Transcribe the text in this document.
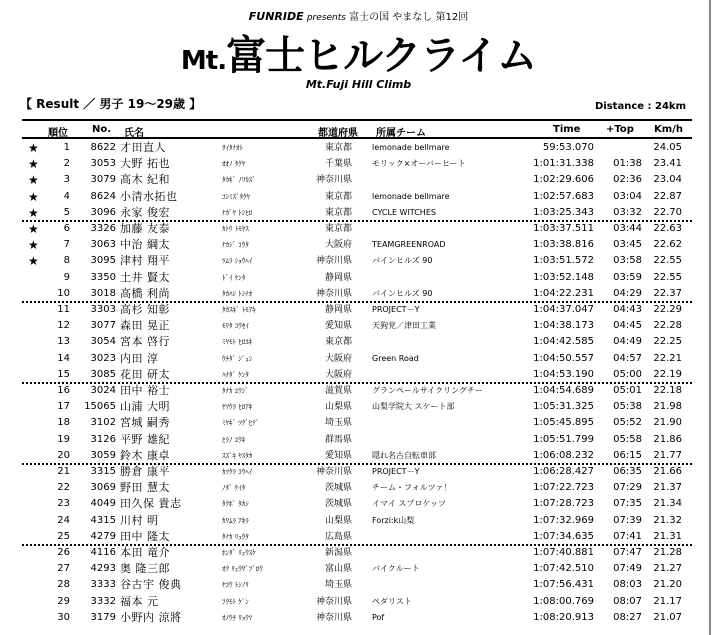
FUNRIDE presents 富士の国 やまなし 第12回
Mt.富士ヒルクライム
Mt.Fuji Hill Climb
【 Result ／ 男子 19～29歳 】	Distance : 24km
順位 No. 氏名	都道府県 所属チーム	Time	+Top Km/h
★	1	8622 才田直人	ｻｲﾀﾅｵﾄ	東京都	lemonade bellmare	59:53.070	24.05
★	2	3053 大野 拓也	ｵｵﾉ ﾀｸﾔ	千葉県	モリック×オーバーヒート	1:01:31.338	01:38	23.41
★	3	3079 高木 紀和	ﾀｶｷﾞ ﾉﾘｶｽﾞ	神奈川県	1:02:29.606	02:36	23.04
★	4	8624 小清水拓也	ｺｼﾐｽﾞﾀｸﾔ	東京都	lemonade bellmare	1:02:57.683	03:04	22.87
★	5	3096 永家 俊宏	ﾅｶﾞﾔ ﾄｼﾋﾛ	東京都	CYCLE WITCHES	1:03:25.343	03:32	22.70
★	6	3326 加藤 友泰	ｶﾄｳ ﾄﾓﾔｽ	東京都	1:03:37.511	03:44	22.63
★	7	3063 中治 綱太	ﾅｶｼﾞ ｺｳﾀ	大阪府	TEAMGREENROAD	1:03:38.816	03:45	22.62
★	8	3095 津村 翔平	ﾂﾑﾗ ｼｮｳﾍｲ	神奈川県	バインヒルズ 90	1:03:51.572	03:58	22.55
9	3350 土井 賢太	ﾄﾞｲ ｹﾝﾀ	静岡県	1:03:52.148	03:59	22.55
10	3018 高橋 利尚	ﾀｶﾊｼ ﾄｼﾅｵ	神奈川県	バインヒルズ 90	1:04:22.231	04:29	22.37
11	3303 高杉 知彰	ﾀｶｽｷﾞ ﾄﾓｱｷ	静岡県	PROJECT－Y	1:04:37.047	04:43	22.29
12	3077 森田 晃正	ﾓﾘﾀ ｺｳｾｲ	愛知県	天狗党／津田工業	1:04:38.173	04:45	22.28
13	3054 宮本 啓行	ﾐﾔﾓﾄ ﾋﾛﾕｷ	東京都	1:04:42.585	04:49	22.25
14	3023 内田 淳	ｳﾁﾀﾞ ｼﾞｭﾝ	大阪府	Green Road	1:04:50.557	04:57	22.21
15	3085 花田 研太	ﾊﾅﾀﾞ ｹﾝﾀ	大阪府	1:04:53.190	05:00	22.19
16	3024 田中 裕士	ﾀﾅｶ ﾕｳｼﾞ	滋賀県	グランペールサイクリングチー	1:04:54.689	05:01	22.18
17	15065 山浦 大明	ﾔﾏｳﾗ ﾋﾛｱｷ	山梨県	山梨学院大 スケート部	1:05:31.325	05:38	21.98
18	3102 宮城 嗣秀	ﾐﾔｷﾞ ﾂｸﾞﾋﾃﾞ	埼玉県	1:05:45.895	05:52	21.90
19	3126 平野 雄紀	ﾋﾗﾉ ﾕｳｷ	群馬県	1:05:51.799	05:58	21.86
20	3059 鈴木 康卓	ｽｽﾞｷ ﾔｽﾀｶ	愛知県	隠れ名古自転車部	1:06:08.232	06:15	21.77
21	3315 勝倉 康平	ｶﾂｸﾗ ｺｳﾍｲ	神奈川県	PROJECT－Y	1:06:28.427	06:35	21.66
22	3069 野田 慧太	ﾉﾀﾞ ｹｲﾀ	茨城県	チーム・フォルツァ！	1:07:22.723	07:29	21.37
23	4049 田久保 貴志	ﾀｸﾎﾞ ﾀｶｼ	茨城県	イマイ スプロケッツ	1:07:28.723	07:35	21.34
24	4315 川村 明	ｶﾜﾑﾗ ｱｷﾗ	山梨県	Forzi:k山梨	1:07:32.969	07:39	21.32
25	4279 田中 隆太	ﾀﾅｶ ﾘｭｳﾀ	広島県	1:07:34.635	07:41	21.31
26	4116 本田 竜介	ﾎﾝﾀﾞ ﾘｭｳｽｹ	新潟県	1:07:40.881	07:47	21.28
27	4293 奥 隆三郎	ｵｸ ﾘｭｳｻﾞﾌﾞﾛｳ	富山県	バイクルート	1:07:42.510	07:49	21.27
28	3333 谷古宇 俊典	ﾔｺｳ ﾄｼﾉﾘ	埼玉県	1:07:56.431	08:03	21.20
29	3332 福本 元	ﾌｸﾓﾄ ｹﾞﾝ	神奈川県	ペダリスト	1:08:00.769	08:07	21.17
30	3179 小野内 涼將	ｵﾉｳﾁ ﾘｮｳﾏ	神奈川県	Pof	1:08:20.913	08:27	21.07
